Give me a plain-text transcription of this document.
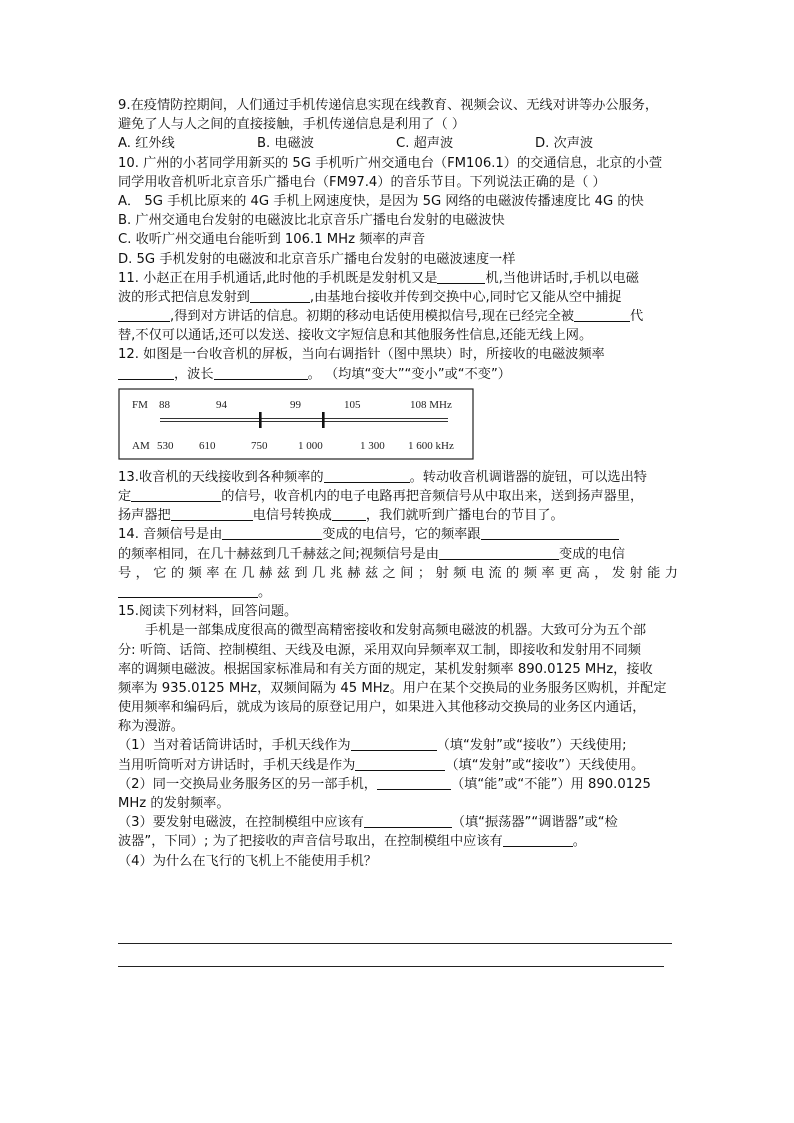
9.在疫情防控期间，人们通过手机传递信息实现在线教育、视频会议、无线对讲等办公服务，
避免了人与人之间的直接接触，手机传递信息是利用了（ ）
A. 红外线	B. 电磁波	C. 超声波	D. 次声波
10. 广州的小茗同学用新买的 5G 手机听广州交通电台（FM106.1）的交通信息，北京的小萱
同学用收音机听北京音乐广播电台（FM97.4）的音乐节目。下列说法正确的是（ ）
A． 5G 手机比原来的 4G 手机上网速度快，是因为 5G 网络的电磁波传播速度比 4G 的快
B. 广州交通电台发射的电磁波比北京音乐广播电台发射的电磁波快
C. 收听广州交通电台能听到 106.1 MHz 频率的声音
D. 5G 手机发射的电磁波和北京音乐广播电台发射的电磁波速度一样
11. 小赵正在用手机通话,此时他的手机既是发射机又是	机,当他讲话时,手机以电磁
波的形式把信息发射到	,由基地台接收并传到交换中心,同时它又能从空中捕捉
,得到对方讲话的信息。初期的移动电话使用模拟信号,现在已经完全被	代
替,不仅可以通话,还可以发送、接收文字短信息和其他服务性信息,还能无线上网。
12. 如图是一台收音机的屏板，当向右调指针（图中黑块）时，所接收的电磁波频率
，波长	。 （均填“变大”“变小”或“不变”）
FM 88	94	99	105	108 MHz
AM 530 610	750	1 000	1 300 1 600 kHz
13.收音机的天线接收到各种频率的	。转动收音机调谐器的旋钮，可以选出特
定	的信号，收音机内的电子电路再把音频信号从中取出来，送到扬声器里，
扬声器把	电信号转换成	，我们就听到广播电台的节目了。
14. 音频信号是由	变成的电信号，它的频率跟
的频率相同，在几十赫兹到几千赫兹之间;视频信号是由	变成的电信
号，它的频率在几赫兹到几兆赫兹之间；射频电流的频率更高，发射能力
。
15.阅读下列材料，回答问题。
手机是一部集成度很高的微型高精密接收和发射高频电磁波的机器。大致可分为五个部
分: 听筒、话筒、控制模组、天线及电源，采用双向异频率双工制，即接收和发射用不同频
率的调频电磁波。根据国家标准局和有关方面的规定，某机发射频率 890.0125 MHz，接收
频率为 935.0125 MHz，双频间隔为 45 MHz。用户在某个交换局的业务服务区购机，并配定
使用频率和编码后，就成为该局的原登记用户，如果进入其他移动交换局的业务区内通话，
称为漫游。
（1）当对着话筒讲话时，手机天线作为	（填“发射”或“接收”）天线使用;
当用听筒听对方讲话时，手机天线是作为	（填“发射”或“接收”）天线使用。
（2）同一交换局业务服务区的另一部手机，	（填“能”或“不能”）用 890.0125
MHz 的发射频率。
（3）要发射电磁波，在控制模组中应该有	（填“振荡器”“调谐器”或“检
波器”，下同）; 为了把接收的声音信号取出，在控制模组中应该有	。
（4）为什么在飞行的飞机上不能使用手机？
